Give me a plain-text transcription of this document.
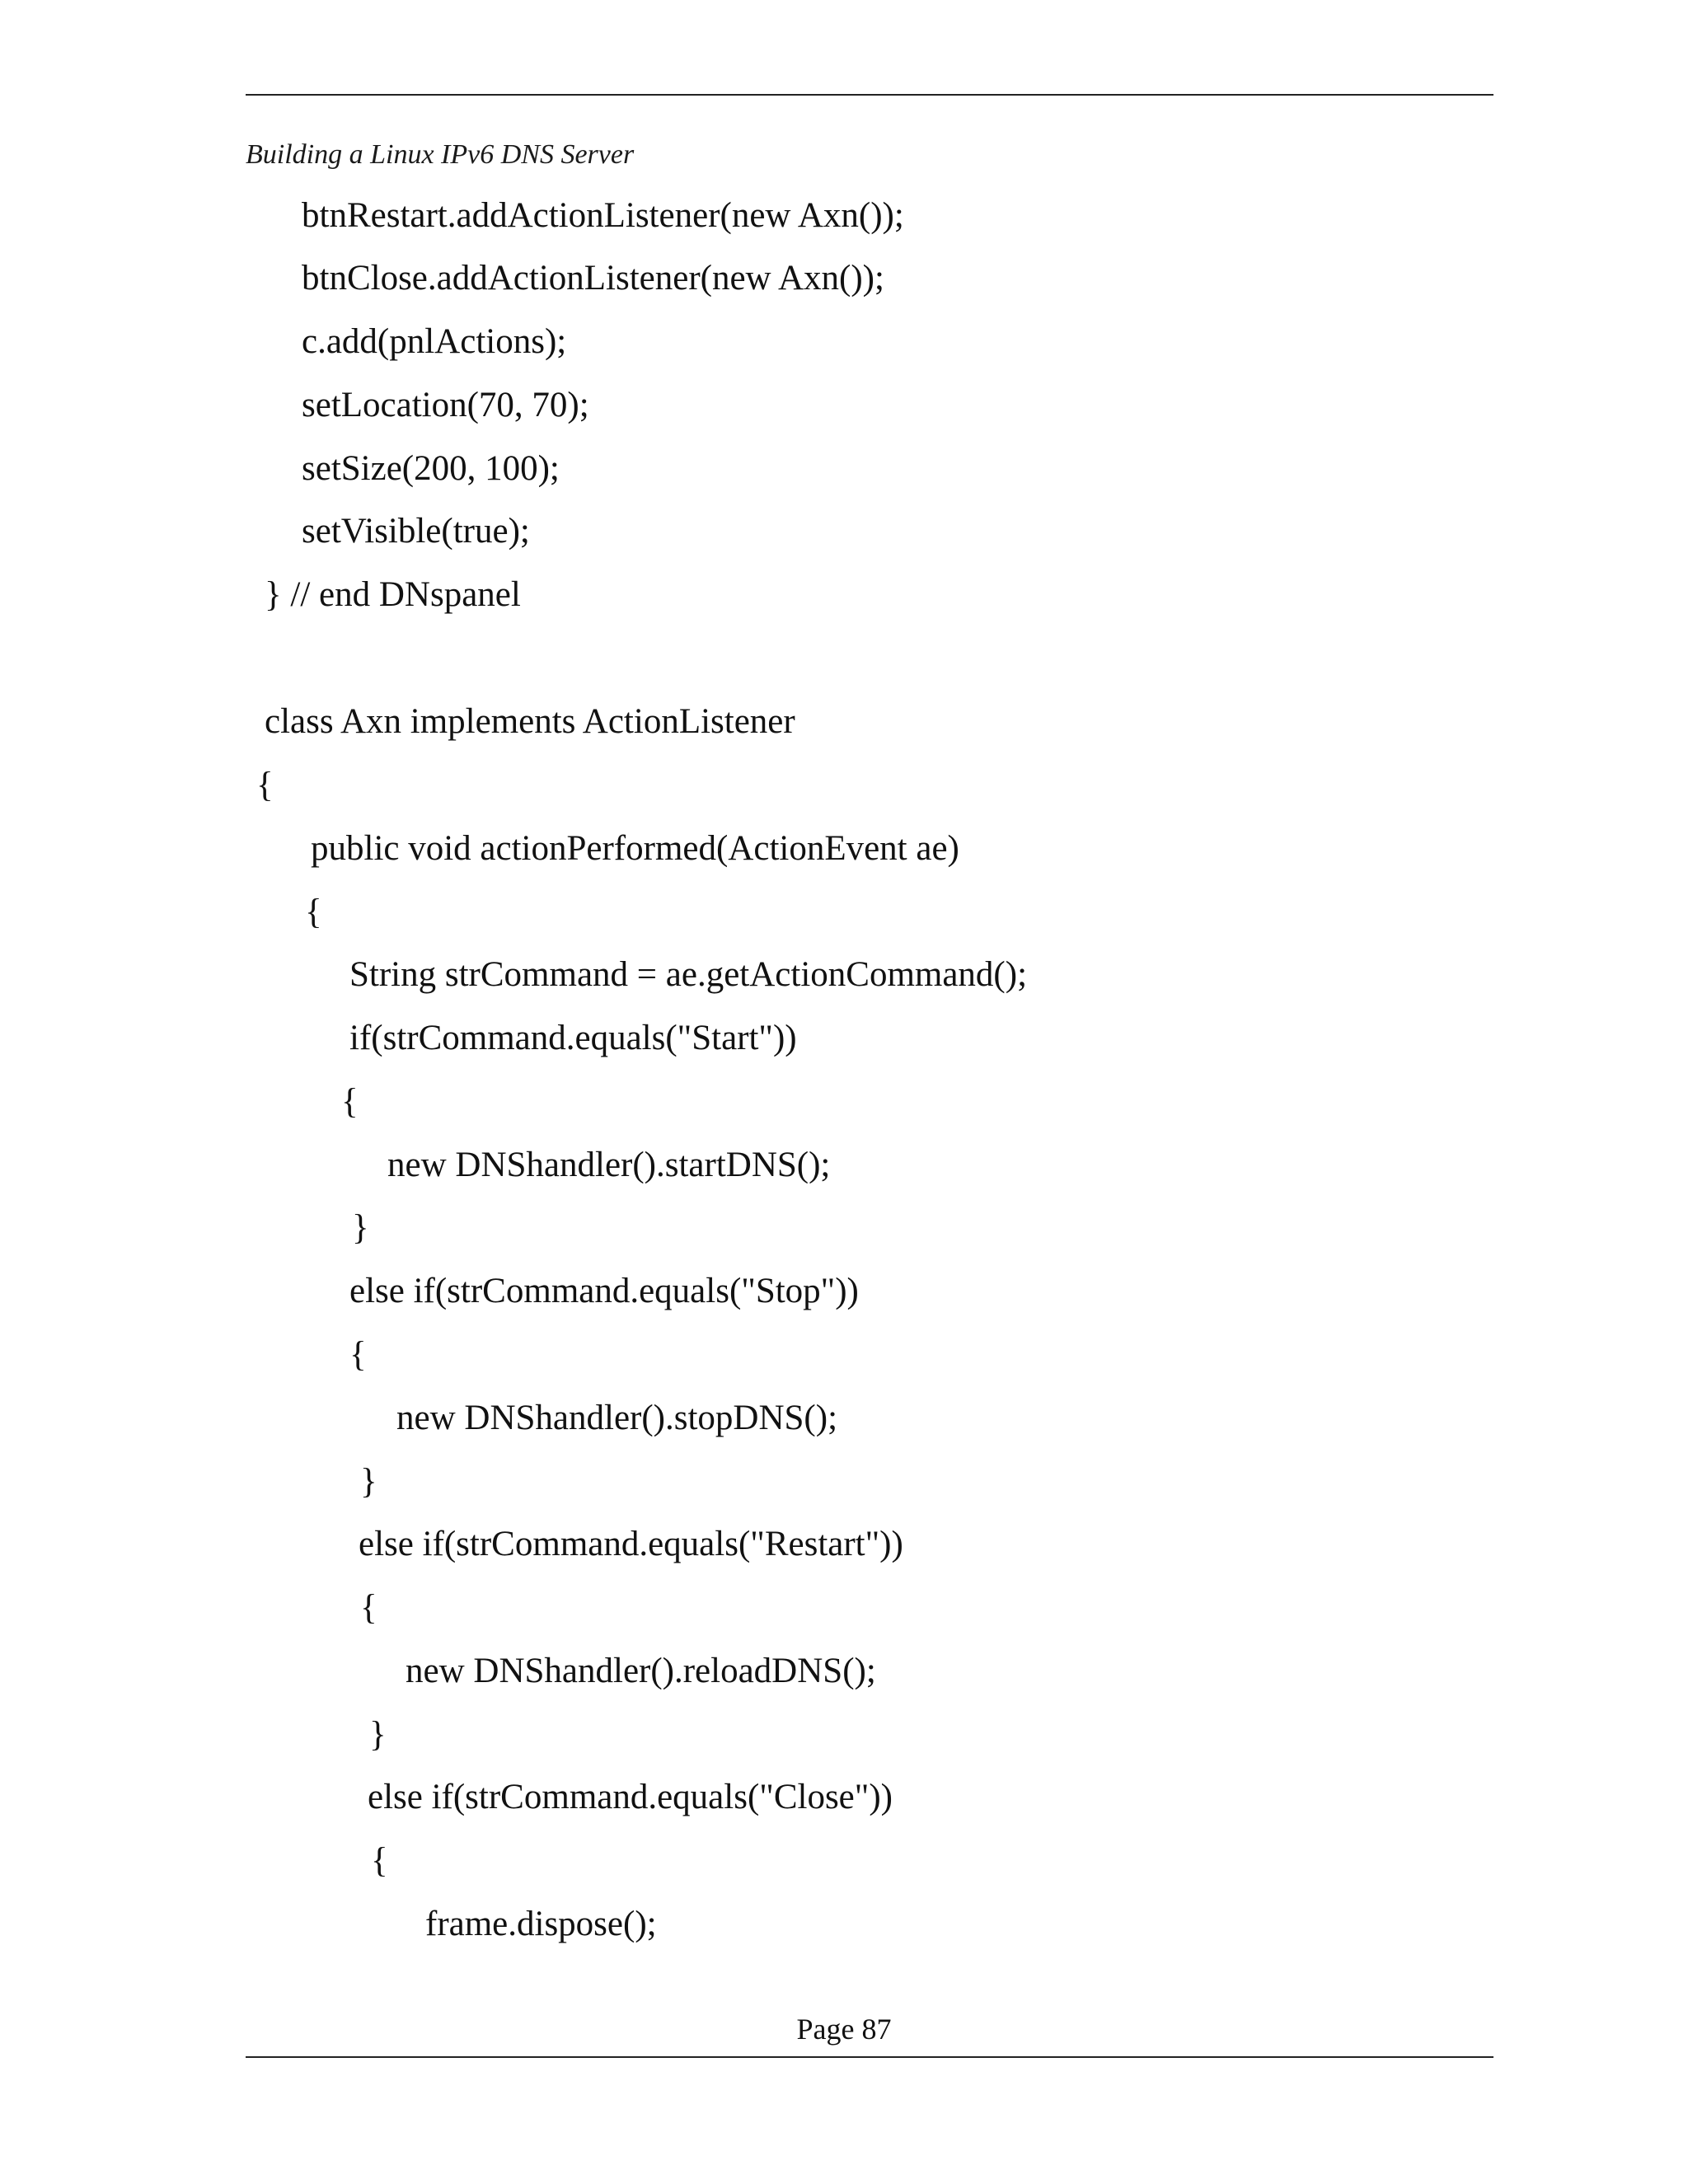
Building a Linux IPv6 DNS Server
btnRestart.addActionListener(new Axn());
btnClose.addActionListener(new Axn());
c.add(pnlActions);
setLocation(70, 70);
setSize(200, 100);
setVisible(true);
} // end DNspanel
class Axn implements ActionListener
{
public void actionPerformed(ActionEvent ae)
{
String strCommand = ae.getActionCommand();
if(strCommand.equals("Start"))
{
new DNShandler().startDNS();
}
else if(strCommand.equals("Stop"))
{
new DNShandler().stopDNS();
}
else if(strCommand.equals("Restart"))
{
new DNShandler().reloadDNS();
}
else if(strCommand.equals("Close"))
{
frame.dispose();
Page 87
